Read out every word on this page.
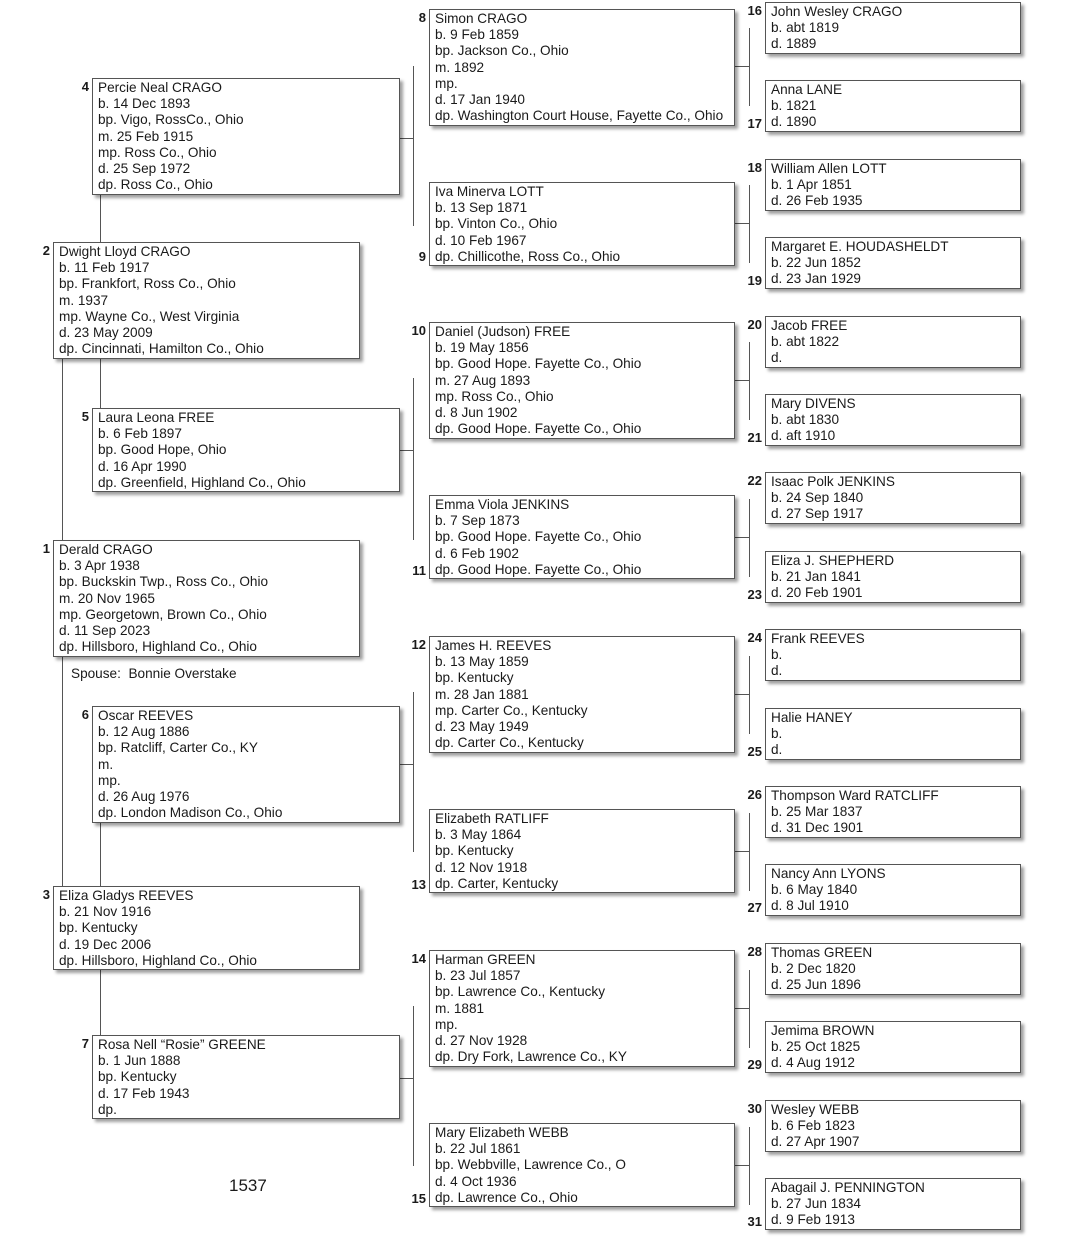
Derald CRAGO
b. 3 Apr 1938
bp. Buckskin Twp., Ross Co., Ohio
m. 20 Nov 1965
mp. Georgetown, Brown Co., Ohio
d. 11 Sep 2023
dp. Hillsboro, Highland Co., Ohio
1
Spouse: Bonnie Overstake
Dwight Lloyd CRAGO
b. 11 Feb 1917
bp. Frankfort, Ross Co., Ohio
m. 1937
mp. Wayne Co., West Virginia
d. 23 May 2009
dp. Cincinnati, Hamilton Co., Ohio
2
Eliza Gladys REEVES
b. 21 Nov 1916
bp. Kentucky
d. 19 Dec 2006
dp. Hillsboro, Highland Co., Ohio
3
Percie Neal CRAGO
b. 14 Dec 1893
bp. Vigo, RossCo., Ohio
m. 25 Feb 1915
mp. Ross Co., Ohio
d. 25 Sep 1972
dp. Ross Co., Ohio
4
Laura Leona FREE
b. 6 Feb 1897
bp. Good Hope, Ohio
d. 16 Apr 1990
dp. Greenfield, Highland Co., Ohio
5
Oscar REEVES
b. 12 Aug 1886
bp. Ratcliff, Carter Co., KY
m.
mp.
d. 26 Aug 1976
dp. London Madison Co., Ohio
6
Rosa Nell “Rosie” GREENE
b. 1 Jun 1888
bp. Kentucky
d. 17 Feb 1943
dp.
7
Simon CRAGO
b. 9 Feb 1859
bp. Jackson Co., Ohio
m. 1892
mp.
d. 17 Jan 1940
dp. Washington Court House, Fayette Co., Ohio
8
Iva Minerva LOTT
b. 13 Sep 1871
bp. Vinton Co., Ohio
d. 10 Feb 1967
dp. Chillicothe, Ross Co., Ohio
9
Daniel (Judson) FREE
b. 19 May 1856
bp. Good Hope. Fayette Co., Ohio
m. 27 Aug 1893
mp. Ross Co., Ohio
d. 8 Jun 1902
dp. Good Hope. Fayette Co., Ohio
10
Emma Viola JENKINS
b. 7 Sep 1873
bp. Good Hope. Fayette Co., Ohio
d. 6 Feb 1902
dp. Good Hope. Fayette Co., Ohio
11
James H. REEVES
b. 13 May 1859
bp. Kentucky
m. 28 Jan 1881
mp. Carter Co., Kentucky
d. 23 May 1949
dp. Carter Co., Kentucky
12
Elizabeth RATLIFF
b. 3 May 1864
bp. Kentucky
d. 12 Nov 1918
dp. Carter, Kentucky
13
Harman GREEN
b. 23 Jul 1857
bp. Lawrence Co., Kentucky
m. 1881
mp.
d. 27 Nov 1928
dp. Dry Fork, Lawrence Co., KY
14
Mary Elizabeth WEBB
b. 22 Jul 1861
bp. Webbville, Lawrence Co., O
d. 4 Oct 1936
dp. Lawrence Co., Ohio
15
John Wesley CRAGO
b. abt 1819
d. 1889
16
Anna LANE
b. 1821
d. 1890
17
William Allen LOTT
b. 1 Apr 1851
d. 26 Feb 1935
18
Margaret E. HOUDASHELDT
b. 22 Jun 1852
d. 23 Jan 1929
19
Jacob FREE
b. abt 1822
d.
20
Mary DIVENS
b. abt 1830
d. aft 1910
21
Isaac Polk JENKINS
b. 24 Sep 1840
d. 27 Sep 1917
22
Eliza J. SHEPHERD
b. 21 Jan 1841
d. 20 Feb 1901
23
Frank REEVES
b.
d.
24
Halie HANEY
b.
d.
25
Thompson Ward RATCLIFF
b. 25 Mar 1837
d. 31 Dec 1901
26
Nancy Ann LYONS
b. 6 May 1840
d. 8 Jul 1910
27
Thomas GREEN
b. 2 Dec 1820
d. 25 Jun 1896
28
Jemima BROWN
b. 25 Oct 1825
d. 4 Aug 1912
29
Wesley WEBB
b. 6 Feb 1823
d. 27 Apr 1907
30
Abagail J. PENNINGTON
b. 27 Jun 1834
d. 9 Feb 1913
31
1537
